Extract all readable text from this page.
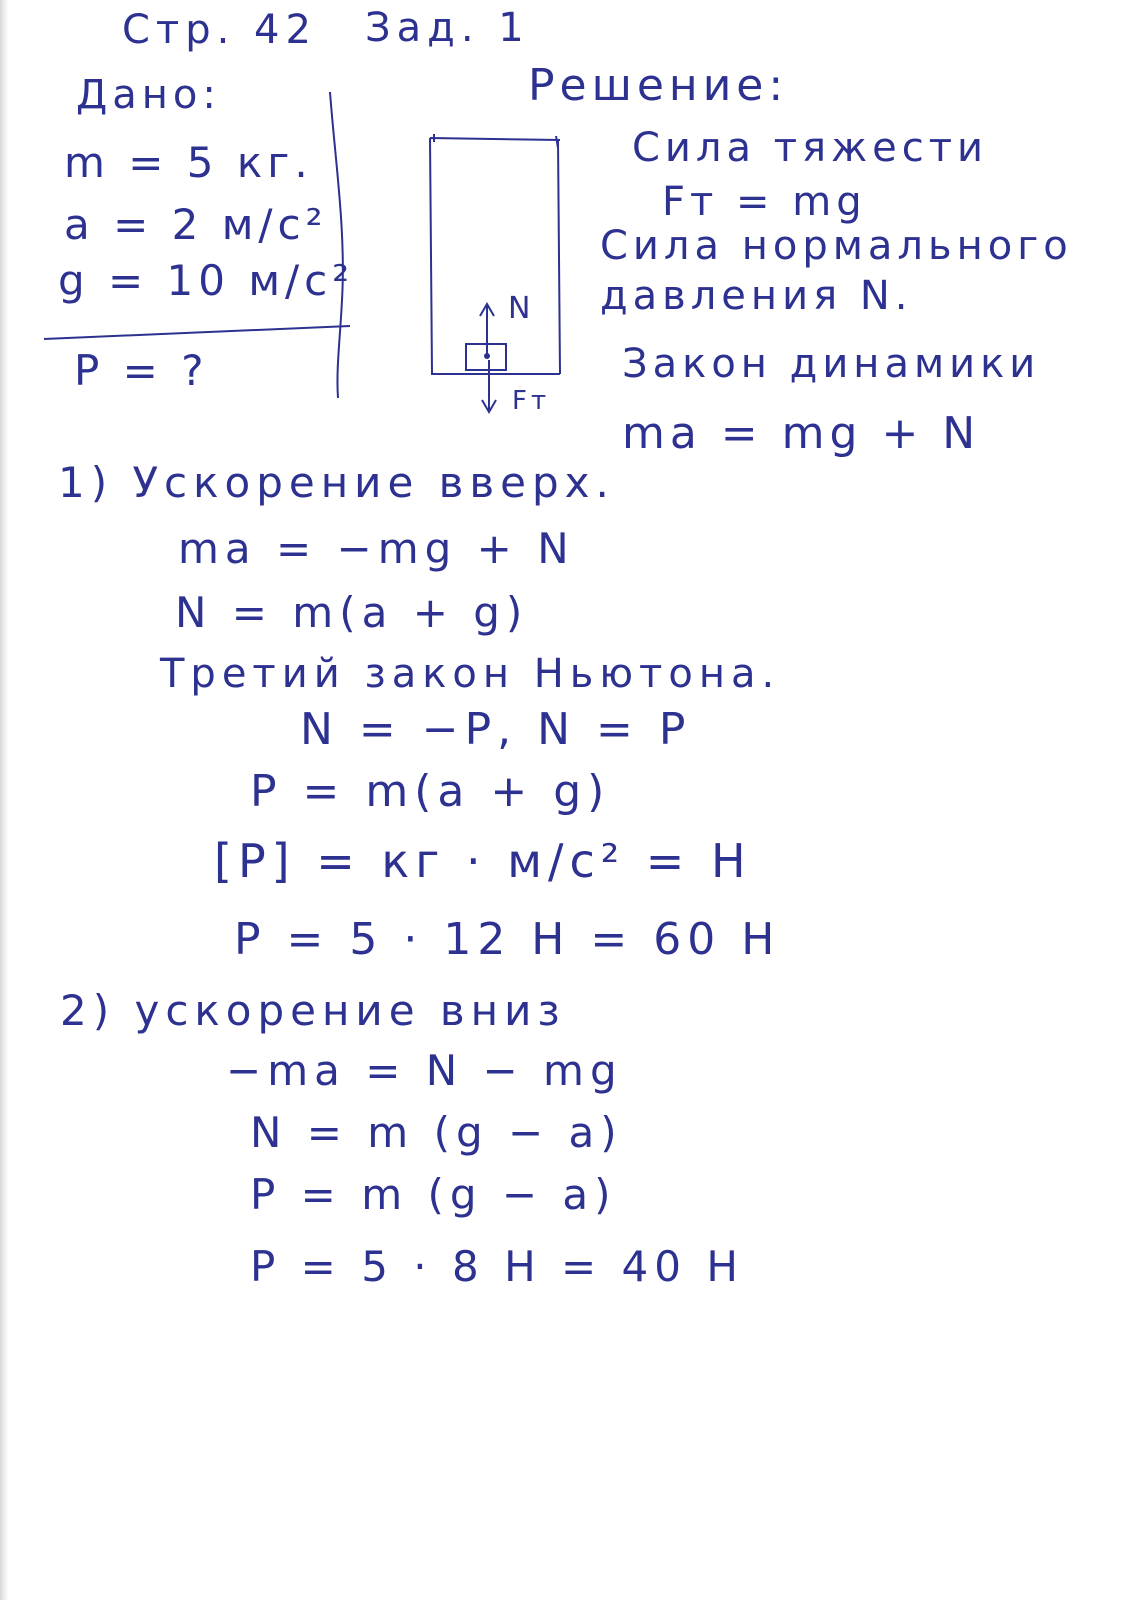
Стр. 42 Зад. 1
Дано:
m = 5 кг.
a = 2 м/с²
g = 10 м/с²
P = ?
Решение:
Сила тяжести
Fт = mg
Сила нормального
давления N.
Закон динамики
ma = mg + N
N
Fт
1) Ускорение вверх.
ma = −mg + N
N = m(a + g)
Третий закон Ньютона.
N = −P, N = P
P = m(a + g)
[P] = кг · м/с² = Н
P = 5 · 12 Н = 60 Н
2) ускорение вниз
−ma = N − mg
N = m (g − a)
P = m (g − a)
P = 5 · 8 Н = 40 Н
